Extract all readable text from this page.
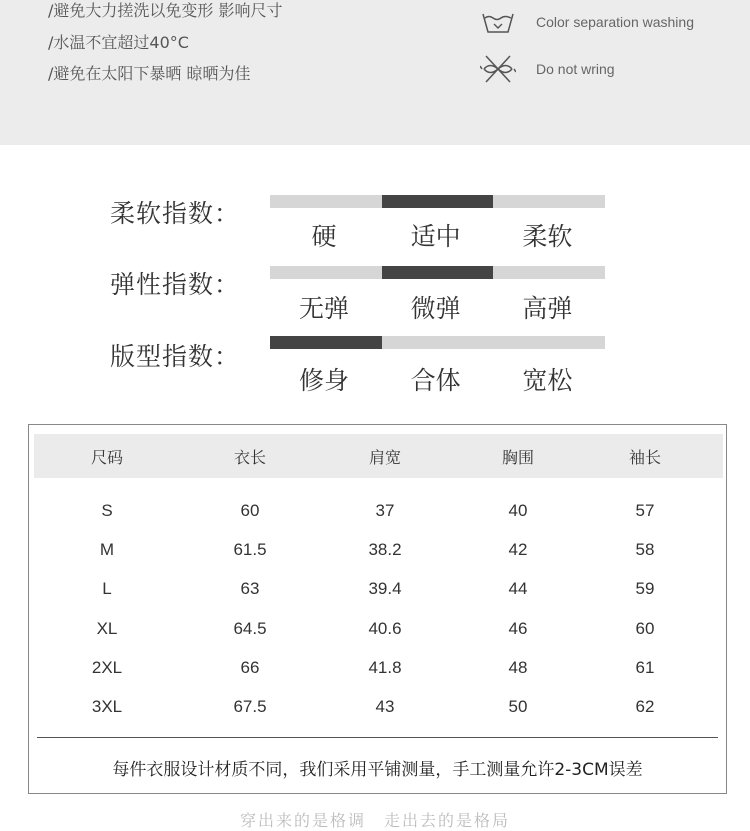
/避免大力搓洗以免变形 影响尺寸
/水温不宜超过40°C
/避免在太阳下暴晒 晾晒为佳
Color separation washing
Do not wring
柔软指数：
硬	适中	柔软
弹性指数：
无弹	微弹	高弹
版型指数：
修身	合体	宽松
尺码	衣长	肩宽	胸围	袖长
S	60	37	40	57
M	61.5	38.2	42	58
L	63	39.4	44	59
XL	64.5	40.6	46	60
2XL	66	41.8	48	61
3XL	67.5	43	50	62
每件衣服设计材质不同，我们采用平铺测量，手工测量允许2-3CM误差
穿出来的是格调　走出去的是格局
